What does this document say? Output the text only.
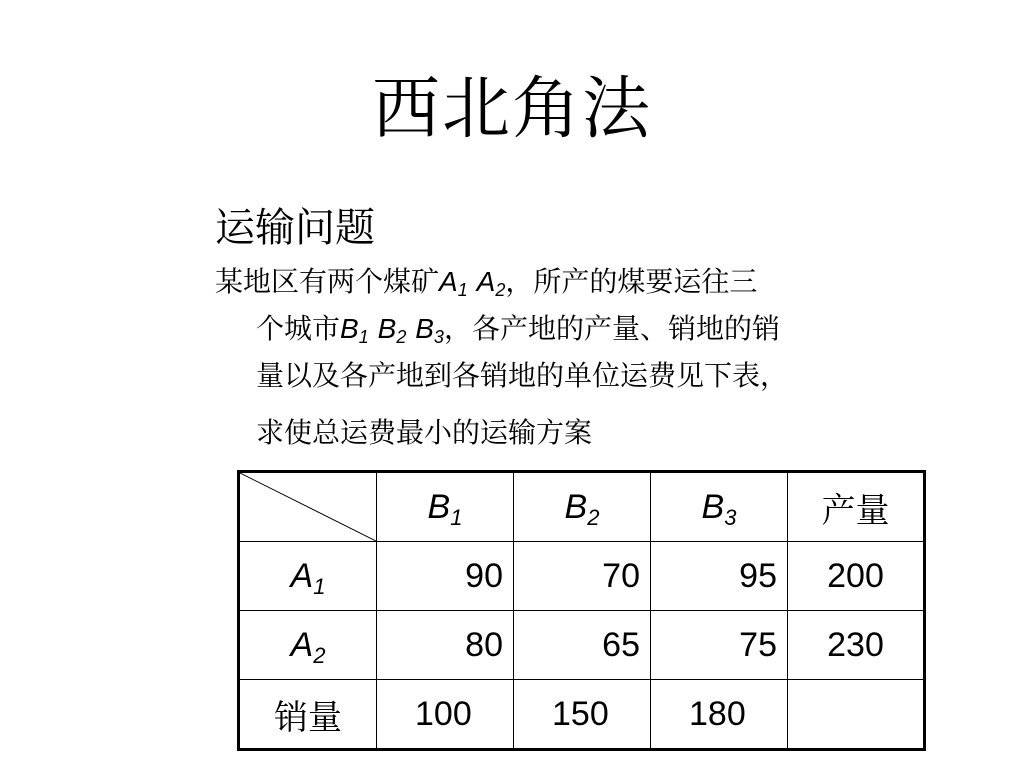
西北角法
运输问题
某地区有两个煤矿$A_1$ $A_2$，所产的煤要运往三
个城市$B_1$ $B_2$ $B_3$，各产地的产量、销地的销
量以及各产地到各销地的单位运费见下表，
求使总运费最小的运输方案
	$B_1$	$B_2$	$B_3$	产量
$A_1$	90	70	95	200
$A_2$	80	65	75	230
销量	100	150	180	
